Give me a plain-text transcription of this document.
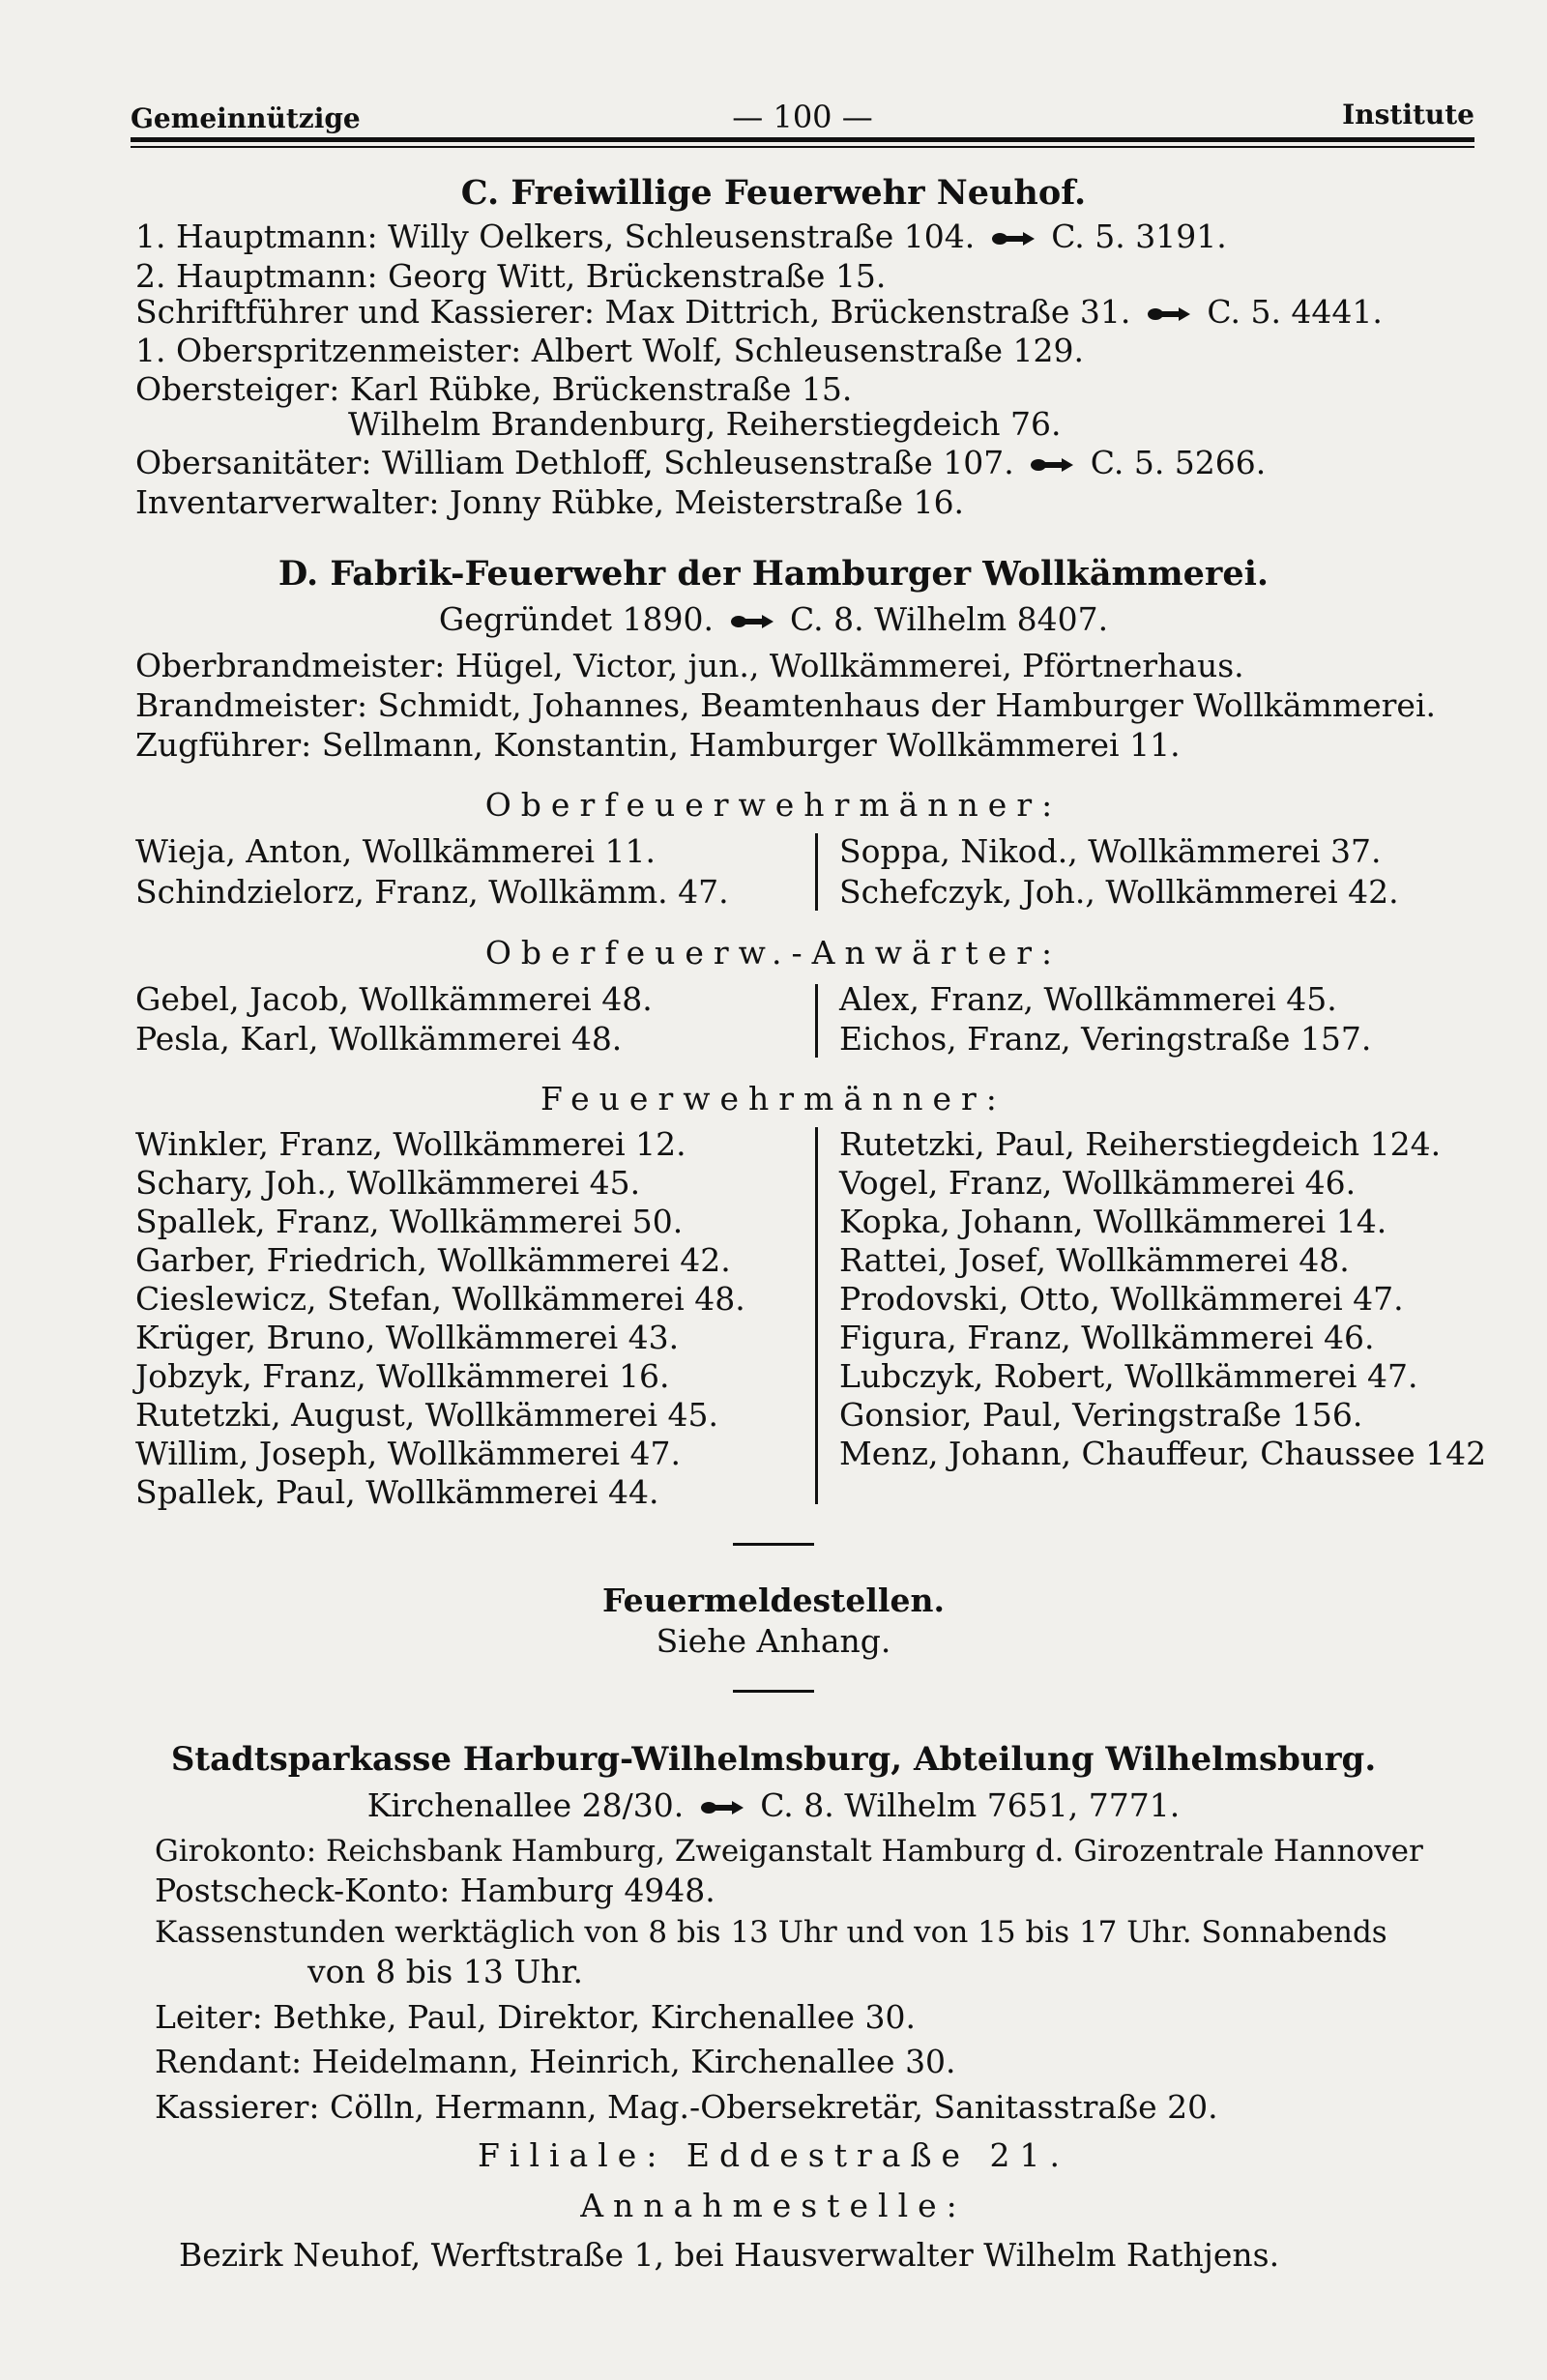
Gemeinnützige	— 100 —	Institute
C. Freiwillige Feuerwehr Neuhof.
1. Hauptmann: Willy Oelkers, Schleusenstraße 104. C. 5. 3191.
2. Hauptmann: Georg Witt, Brückenstraße 15.
Schriftführer und Kassierer: Max Dittrich, Brückenstraße 31. C. 5. 4441.
1. Oberspritzenmeister: Albert Wolf, Schleusenstraße 129.
Obersteiger: Karl Rübke, Brückenstraße 15.
Wilhelm Brandenburg, Reiherstiegdeich 76.
Obersanitäter: William Dethloff, Schleusenstraße 107. C. 5. 5266.
Inventarverwalter: Jonny Rübke, Meisterstraße 16.
D. Fabrik-Feuerwehr der Hamburger Wollkämmerei.
Gegründet 1890. C. 8. Wilhelm 8407.
Oberbrandmeister: Hügel, Victor, jun., Wollkämmerei, Pförtnerhaus.
Brandmeister: Schmidt, Johannes, Beamtenhaus der Hamburger Wollkämmerei.
Zugführer: Sellmann, Konstantin, Hamburger Wollkämmerei 11.
Oberfeuerwehrmänner:
Wieja, Anton, Wollkämmerei 11.
Schindzielorz, Franz, Wollkämm. 47.
Soppa, Nikod., Wollkämmerei 37.
Schefczyk, Joh., Wollkämmerei 42.
Oberfeuerw.-Anwärter:
Gebel, Jacob, Wollkämmerei 48.
Pesla, Karl, Wollkämmerei 48.
Alex, Franz, Wollkämmerei 45.
Eichos, Franz, Veringstraße 157.
Feuerwehrmänner:
Winkler, Franz, Wollkämmerei 12.
Schary, Joh., Wollkämmerei 45.
Spallek, Franz, Wollkämmerei 50.
Garber, Friedrich, Wollkämmerei 42.
Cieslewicz, Stefan, Wollkämmerei 48.
Krüger, Bruno, Wollkämmerei 43.
Jobzyk, Franz, Wollkämmerei 16.
Rutetzki, August, Wollkämmerei 45.
Willim, Joseph, Wollkämmerei 47.
Spallek, Paul, Wollkämmerei 44.
Rutetzki, Paul, Reiherstiegdeich 124.
Vogel, Franz, Wollkämmerei 46.
Kopka, Johann, Wollkämmerei 14.
Rattei, Josef, Wollkämmerei 48.
Prodovski, Otto, Wollkämmerei 47.
Figura, Franz, Wollkämmerei 46.
Lubczyk, Robert, Wollkämmerei 47.
Gonsior, Paul, Veringstraße 156.
Menz, Johann, Chauffeur, Chaussee 142
Feuermeldestellen.
Siehe Anhang.
Stadtsparkasse Harburg-Wilhelmsburg, Abteilung Wilhelmsburg.
Kirchenallee 28/30. C. 8. Wilhelm 7651, 7771.
Girokonto: Reichsbank Hamburg, Zweiganstalt Hamburg d. Girozentrale Hannover
Postscheck-Konto: Hamburg 4948.
Kassenstunden werktäglich von 8 bis 13 Uhr und von 15 bis 17 Uhr. Sonnabends
von 8 bis 13 Uhr.
Leiter: Bethke, Paul, Direktor, Kirchenallee 30.
Rendant: Heidelmann, Heinrich, Kirchenallee 30.
Kassierer: Cölln, Hermann, Mag.-Obersekretär, Sanitasstraße 20.
Filiale: Eddestraße 21.
Annahmestelle:
Bezirk Neuhof, Werftstraße 1, bei Hausverwalter Wilhelm Rathjens.
